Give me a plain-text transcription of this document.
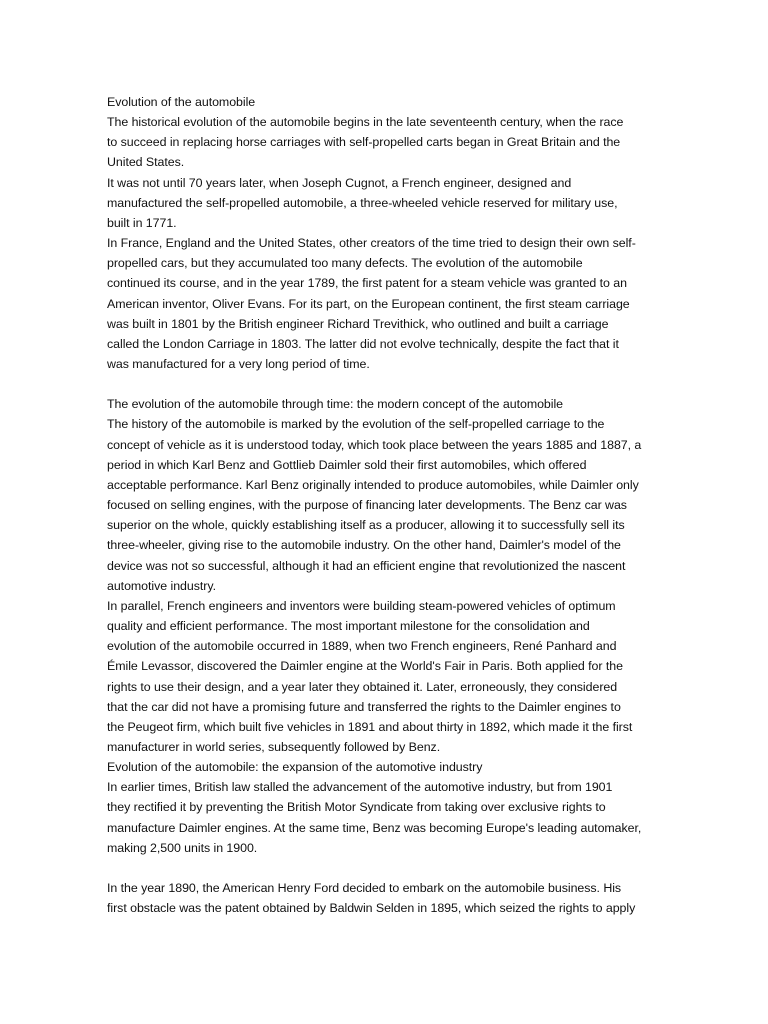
Evolution of the automobile

The historical evolution of the automobile begins in the late seventeenth century, when the race
to succeed in replacing horse carriages with self-propelled carts began in Great Britain and the
United States.

It was not until 70 years later, when Joseph Cugnot, a French engineer, designed and
manufactured the self-propelled automobile, a three-wheeled vehicle reserved for military use,
built in 1771.

In France, England and the United States, other creators of the time tried to design their own self-
propelled cars, but they accumulated too many defects. The evolution of the automobile
continued its course, and in the year 1789, the first patent for a steam vehicle was granted to an
American inventor, Oliver Evans. For its part, on the European continent, the first steam carriage
was built in 1801 by the British engineer Richard Trevithick, who outlined and built a carriage
called the London Carriage in 1803. The latter did not evolve technically, despite the fact that it
was manufactured for a very long period of time.

The evolution of the automobile through time: the modern concept of the automobile

The history of the automobile is marked by the evolution of the self-propelled carriage to the
concept of vehicle as it is understood today, which took place between the years 1885 and 1887, a
period in which Karl Benz and Gottlieb Daimler sold their first automobiles, which offered
acceptable performance. Karl Benz originally intended to produce automobiles, while Daimler only
focused on selling engines, with the purpose of financing later developments. The Benz car was
superior on the whole, quickly establishing itself as a producer, allowing it to successfully sell its
three-wheeler, giving rise to the automobile industry. On the other hand, Daimler's model of the
device was not so successful, although it had an efficient engine that revolutionized the nascent
automotive industry.

In parallel, French engineers and inventors were building steam-powered vehicles of optimum
quality and efficient performance. The most important milestone for the consolidation and
evolution of the automobile occurred in 1889, when two French engineers, René Panhard and
Émile Levassor, discovered the Daimler engine at the World's Fair in Paris. Both applied for the
rights to use their design, and a year later they obtained it. Later, erroneously, they considered
that the car did not have a promising future and transferred the rights to the Daimler engines to
the Peugeot firm, which built five vehicles in 1891 and about thirty in 1892, which made it the first
manufacturer in world series, subsequently followed by Benz.

Evolution of the automobile: the expansion of the automotive industry

In earlier times, British law stalled the advancement of the automotive industry, but from 1901
they rectified it by preventing the British Motor Syndicate from taking over exclusive rights to
manufacture Daimler engines. At the same time, Benz was becoming Europe's leading automaker,
making 2,500 units in 1900.

In the year 1890, the American Henry Ford decided to embark on the automobile business. His
first obstacle was the patent obtained by Baldwin Selden in 1895, which seized the rights to apply
